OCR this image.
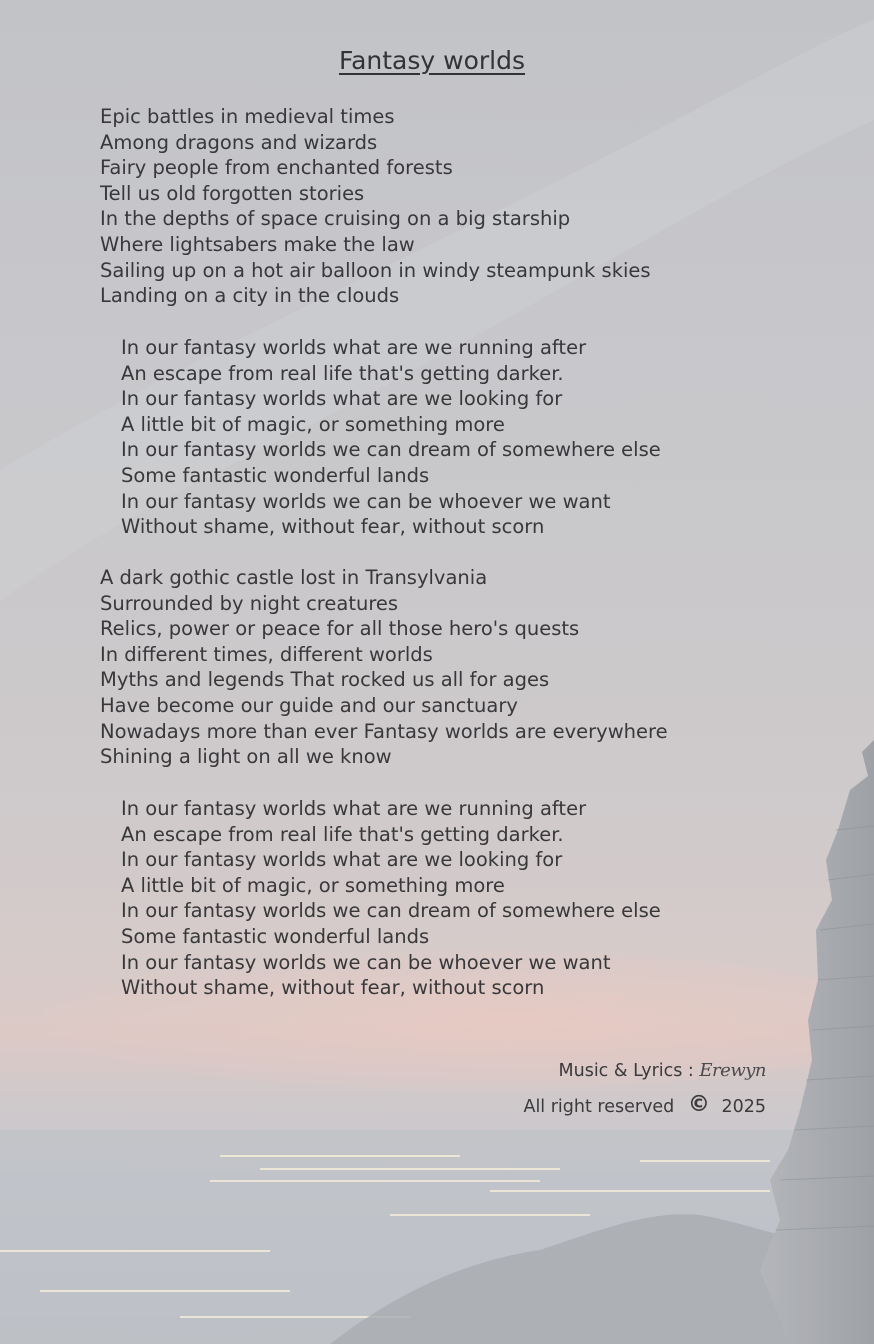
Fantasy worlds
Epic battles in medieval times
Among dragons and wizards
Fairy people from enchanted forests
Tell us old forgotten stories
In the depths of space cruising on a big starship
Where lightsabers make the law
Sailing up on a hot air balloon in windy steampunk skies
Landing on a city in the clouds
In our fantasy worlds what are we running after
An escape from real life that's getting darker.
In our fantasy worlds what are we looking for
A little bit of magic, or something more
In our fantasy worlds we can dream of somewhere else
Some fantastic wonderful lands
In our fantasy worlds we can be whoever we want
Without shame, without fear, without scorn
A dark gothic castle lost in Transylvania
Surrounded by night creatures
Relics, power or peace for all those hero's quests
In different times, different worlds
Myths and legends That rocked us all for ages
Have become our guide and our sanctuary
Nowadays more than ever Fantasy worlds are everywhere
Shining a light on all we know
In our fantasy worlds what are we running after
An escape from real life that's getting darker.
In our fantasy worlds what are we looking for
A little bit of magic, or something more
In our fantasy worlds we can dream of somewhere else
Some fantastic wonderful lands
In our fantasy worlds we can be whoever we want
Without shame, without fear, without scorn
Music & Lyrics : Erewyn
All right reserved © 2025
